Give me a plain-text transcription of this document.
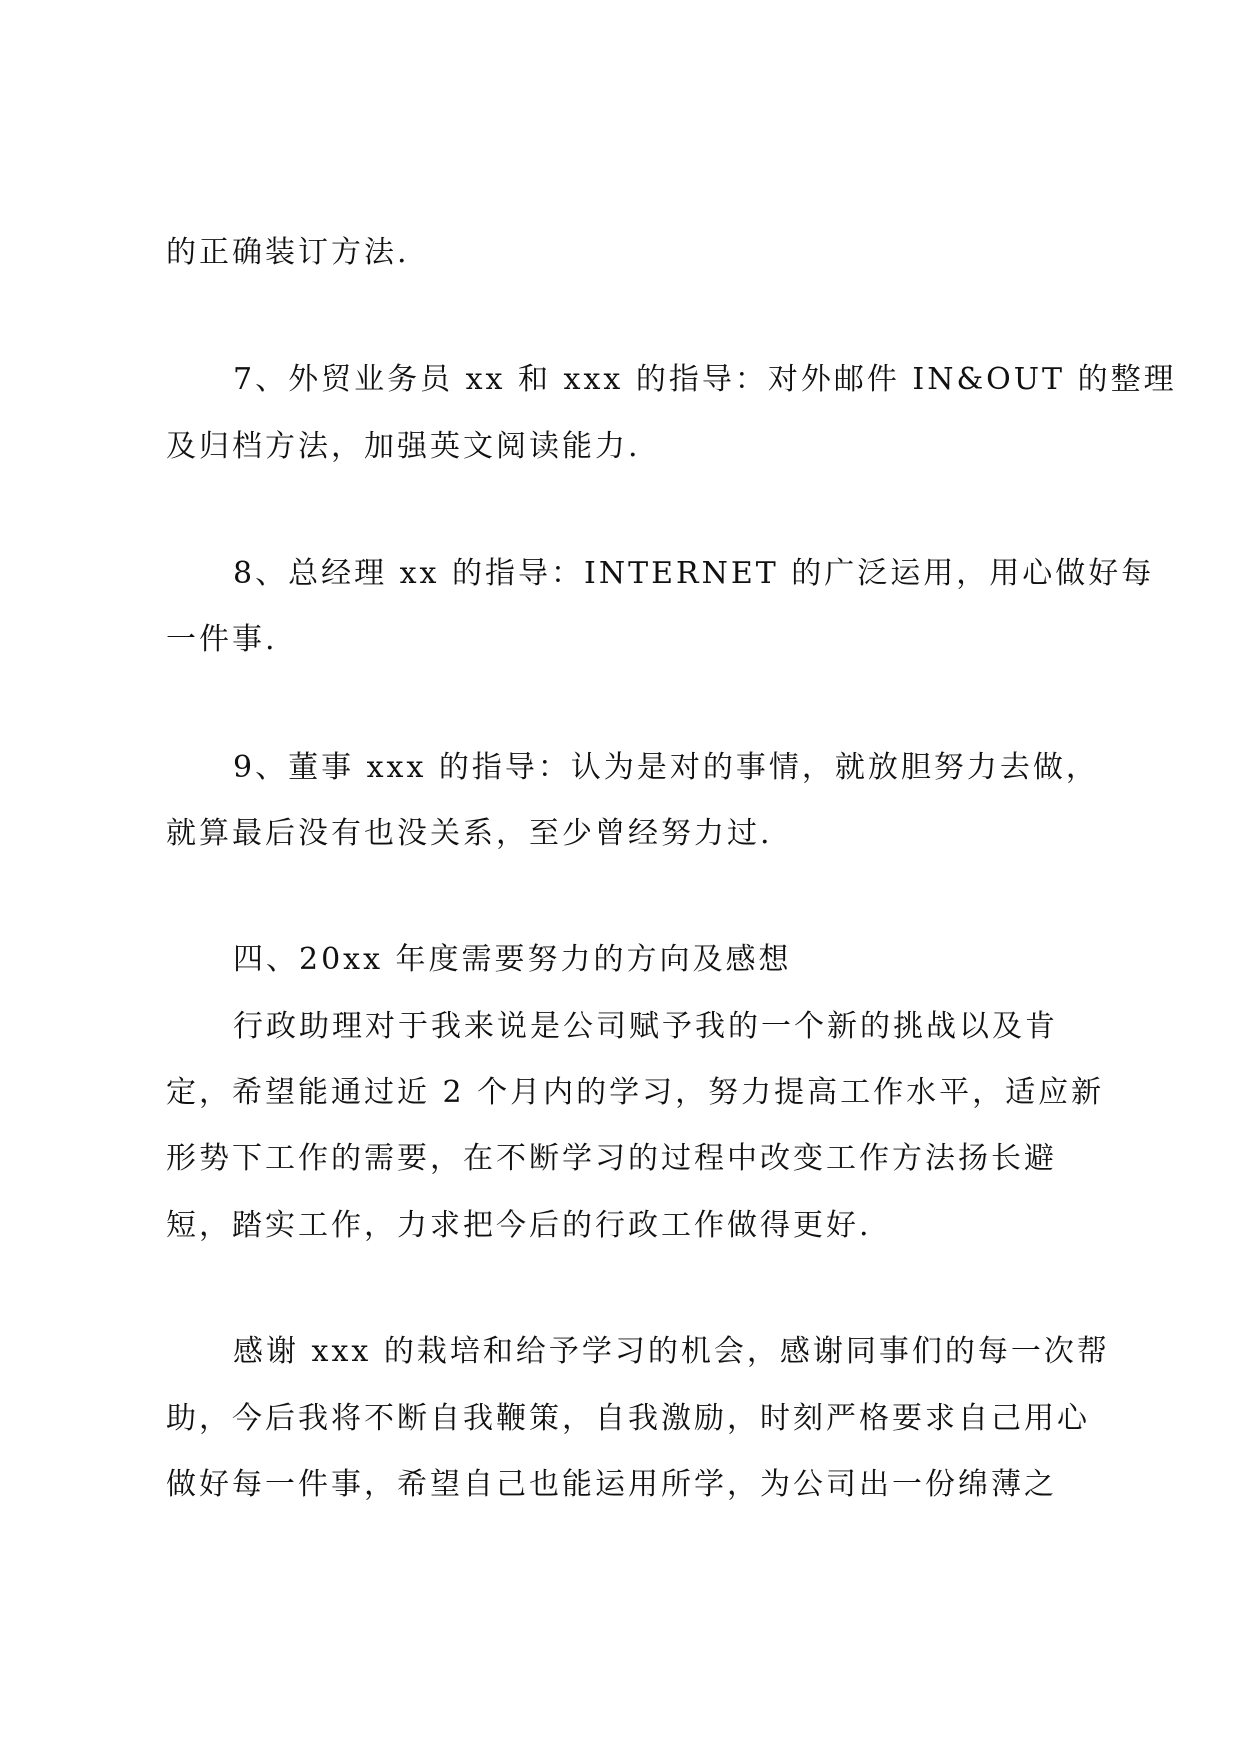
的正确装订方法.
7、外贸业务员 xx 和 xxx 的指导：对外邮件 IN&OUT 的整理
及归档方法，加强英文阅读能力.
8、总经理 xx 的指导：INTERNET 的广泛运用，用心做好每
一件事.
9、董事 xxx 的指导：认为是对的事情，就放胆努力去做，
就算最后没有也没关系，至少曾经努力过.
四、20xx 年度需要努力的方向及感想
行政助理对于我来说是公司赋予我的一个新的挑战以及肯
定，希望能通过近 2 个月内的学习，努力提高工作水平，适应新
形势下工作的需要，在不断学习的过程中改变工作方法扬长避
短，踏实工作，力求把今后的行政工作做得更好.
感谢 xxx 的栽培和给予学习的机会，感谢同事们的每一次帮
助，今后我将不断自我鞭策，自我激励，时刻严格要求自己用心
做好每一件事，希望自己也能运用所学，为公司出一份绵薄之
